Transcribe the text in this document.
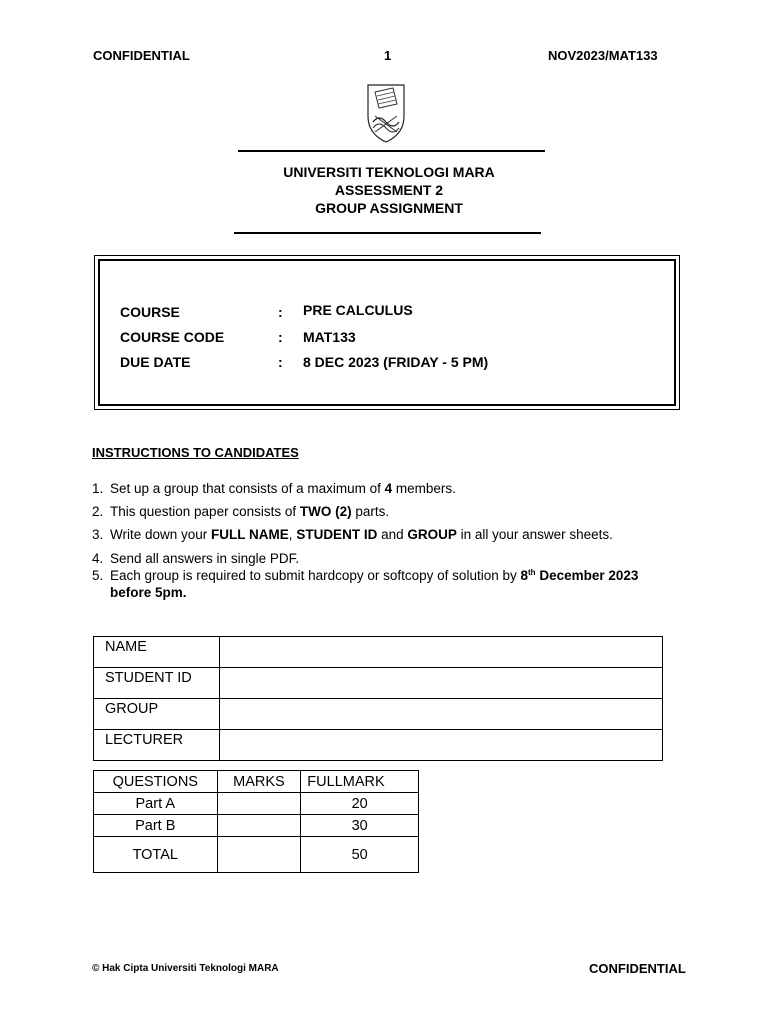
CONFIDENTIAL	1	NOV2023/MAT133
UNIVERSITI TEKNOLOGI MARA
ASSESSMENT 2
GROUP ASSIGNMENT
COURSE	: PRE CALCULUS
COURSE CODE	: MAT133
DUE DATE	: 8 DEC 2023 (FRIDAY - 5 PM)
INSTRUCTIONS TO CANDIDATES
1. Set up a group that consists of a maximum of 4 members.
2. This question paper consists of TWO (2) parts.
3. Write down your FULL NAME, STUDENT ID and GROUP in all your answer sheets.
4. Send all answers in single PDF.
5. Each group is required to submit hardcopy or softcopy of solution by 8th December 2023
before 5pm.
NAME	
STUDENT ID	
GROUP	
LECTURER	
QUESTIONS	MARKS	FULLMARK
Part A		20
Part B		30
TOTAL		50
© Hak Cipta Universiti Teknologi MARA	CONFIDENTIAL
